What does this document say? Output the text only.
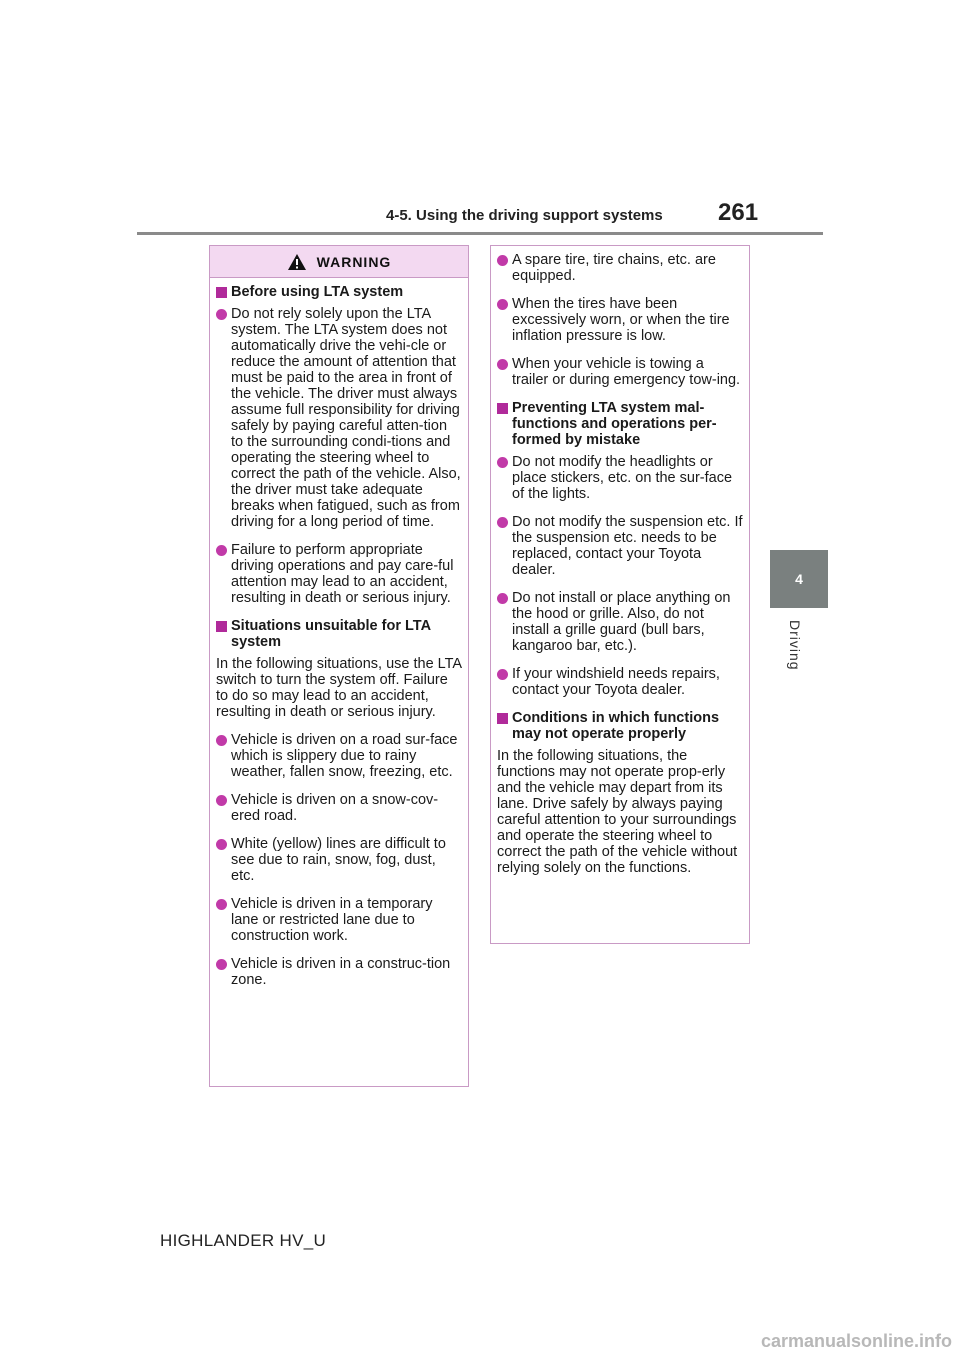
4-5. Using the driving support systems 261
4
Driving
WARNING
Before using LTA system
Do not rely solely upon the LTA system. The LTA system does not automatically drive the vehi-cle or reduce the amount of attention that must be paid to the area in front of the vehicle. The driver must always assume full responsibility for driving safely by paying careful atten-tion to the surrounding condi-tions and operating the steering wheel to correct the path of the vehicle. Also, the driver must take adequate breaks when fatigued, such as from driving for a long period of time.
Failure to perform appropriate driving operations and pay care-ful attention may lead to an accident, resulting in death or serious injury.
Situations unsuitable for LTA system
In the following situations, use the LTA switch to turn the system off. Failure to do so may lead to an accident, resulting in death or serious injury.
Vehicle is driven on a road sur-face which is slippery due to rainy weather, fallen snow, freezing, etc.
Vehicle is driven on a snow-cov-ered road.
White (yellow) lines are difficult to see due to rain, snow, fog, dust, etc.
Vehicle is driven in a temporary lane or restricted lane due to construction work.
Vehicle is driven in a construc-tion zone.
A spare tire, tire chains, etc. are equipped.
When the tires have been excessively worn, or when the tire inflation pressure is low.
When your vehicle is towing a trailer or during emergency tow-ing.
Preventing LTA system mal-functions and operations per-formed by mistake
Do not modify the headlights or place stickers, etc. on the sur-face of the lights.
Do not modify the suspension etc. If the suspension etc. needs to be replaced, contact your Toyota dealer.
Do not install or place anything on the hood or grille. Also, do not install a grille guard (bull bars, kangaroo bar, etc.).
If your windshield needs repairs, contact your Toyota dealer.
Conditions in which functions may not operate properly
In the following situations, the functions may not operate prop-erly and the vehicle may depart from its lane. Drive safely by always paying careful attention to your surroundings and operate the steering wheel to correct the path of the vehicle without relying solely on the functions.
HIGHLANDER HV_U
carmanualsonline.info
